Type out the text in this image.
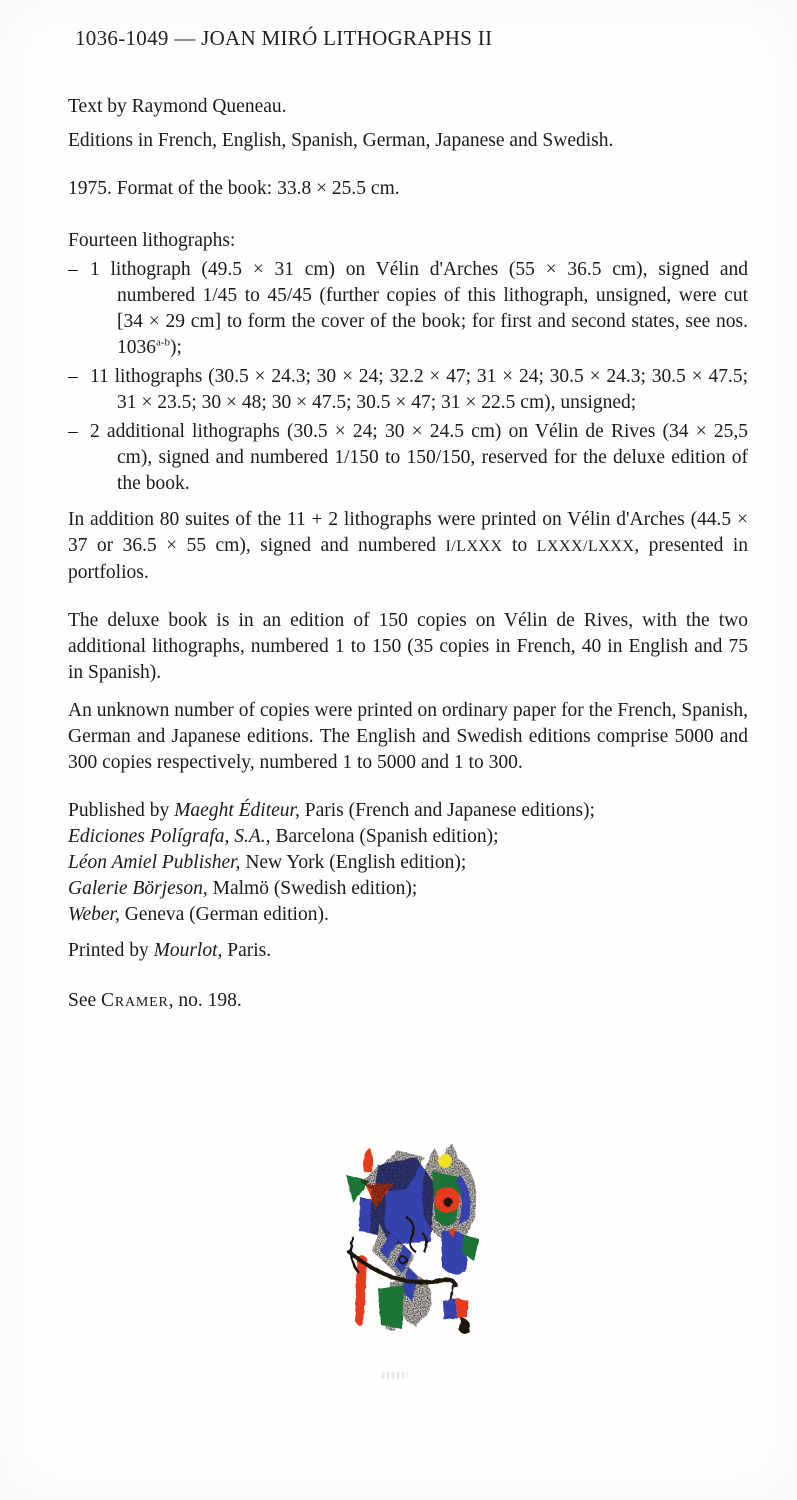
1036-1049 — JOAN MIRÓ LITHOGRAPHS II

Text by Raymond Queneau.

Editions in French, English, Spanish, German, Japanese and Swedish.

1975. Format of the book: 33.8 × 25.5 cm.

Fourteen lithographs:

– 1 lithograph (49.5 × 31 cm) on Vélin d'Arches (55 × 36.5 cm), signed and numbered 1/45 to 45/45 (further copies of this lithograph, unsigned, were cut [34 × 29 cm] to form the cover of the book; for first and second states, see nos. 1036$^{a-b}$);

– 11 lithographs (30.5 × 24.3; 30 × 24; 32.2 × 47; 31 × 24; 30.5 × 24.3; 30.5 × 47.5; 31 × 23.5; 30 × 48; 30 × 47.5; 30.5 × 47; 31 × 22.5 cm), unsigned;

– 2 additional lithographs (30.5 × 24; 30 × 24.5 cm) on Vélin de Rives (34 × 25,5 cm), signed and numbered 1/150 to 150/150, reserved for the deluxe edition of the book.

In addition 80 suites of the 11 + 2 lithographs were printed on Vélin d'Arches (44.5 × 37 or 36.5 × 55 cm), signed and numbered I/LXXX to LXXX/LXXX, presented in portfolios.

The deluxe book is in an edition of 150 copies on Vélin de Rives, with the two additional lithographs, numbered 1 to 150 (35 copies in French, 40 in English and 75 in Spanish).

An unknown number of copies were printed on ordinary paper for the French, Spanish, German and Japanese editions. The English and Swedish editions comprise 5000 and 300 copies respectively, numbered 1 to 5000 and 1 to 300.

Published by Maeght Éditeur, Paris (French and Japanese editions);

Ediciones Polígrafa, S.A., Barcelona (Spanish edition);

Léon Amiel Publisher, New York (English edition);

Galerie Börjeson, Malmö (Swedish edition);

Weber, Geneva (German edition).

Printed by Mourlot, Paris.

See Cramer, no. 198.
